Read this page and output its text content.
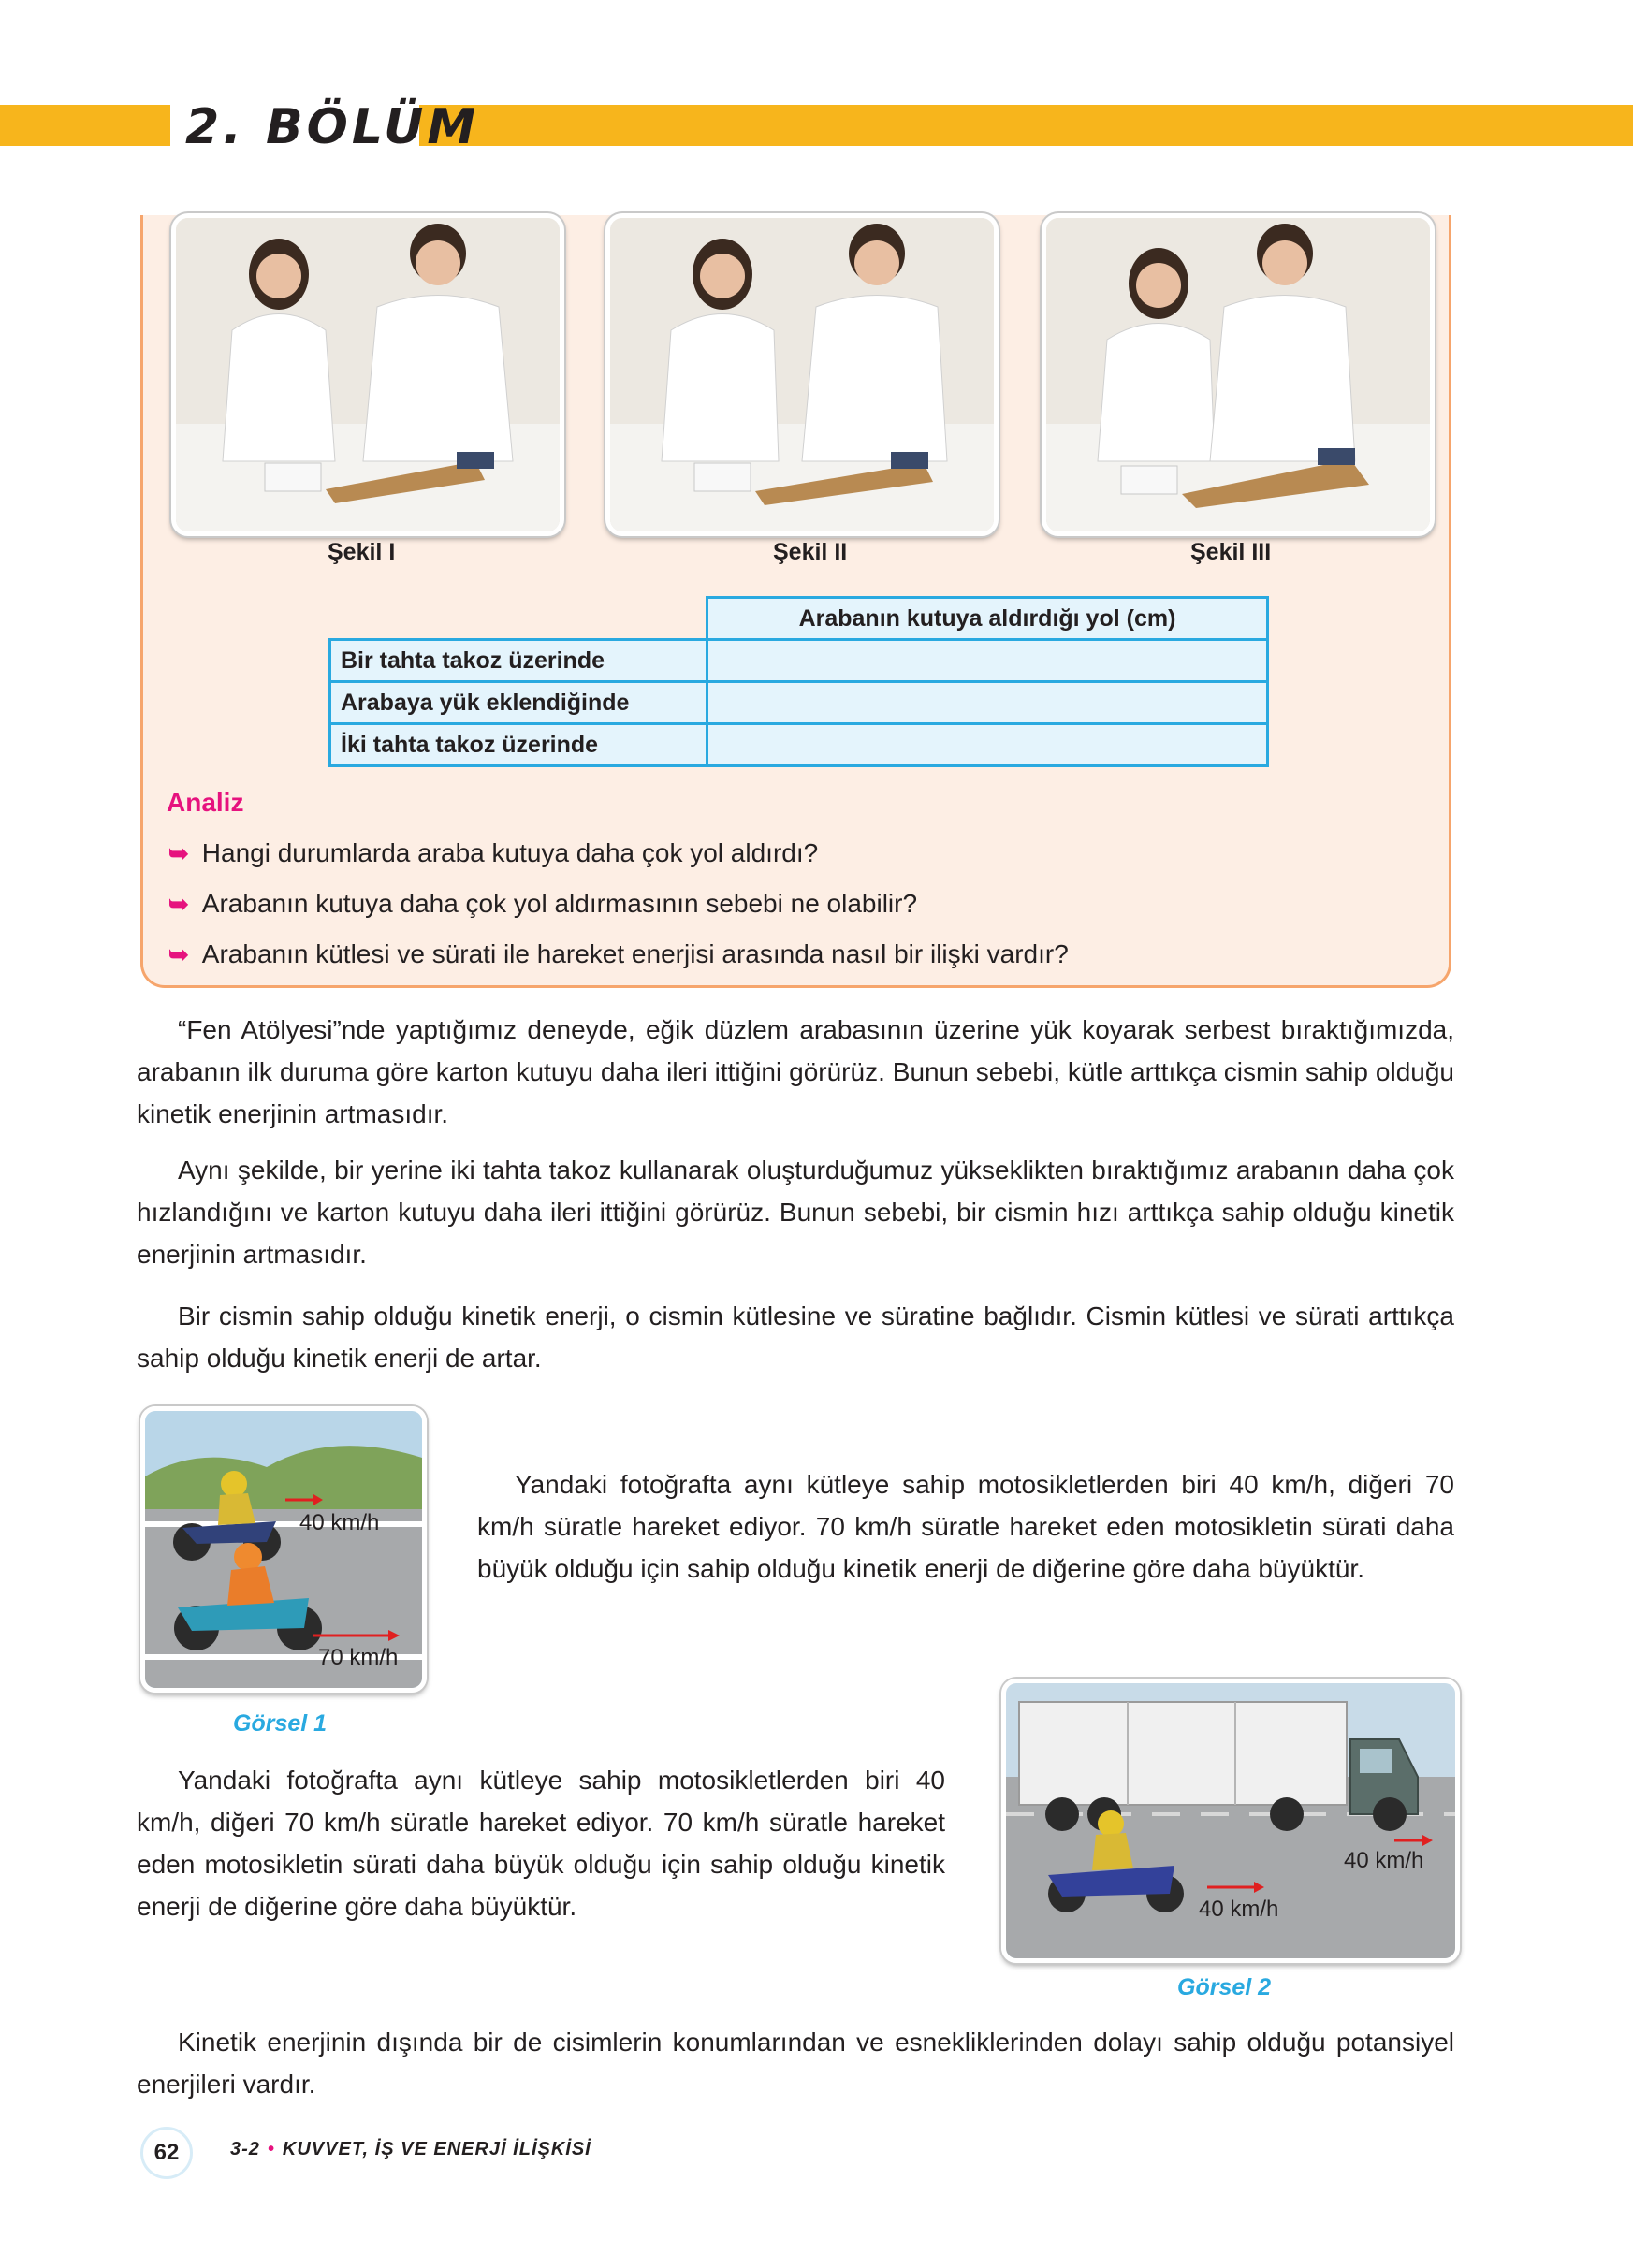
2. BÖLÜM
Şekil I	Şekil II	Şekil III
	Arabanın kutuya aldırdığı yol (cm)
Bir tahta takoz üzerinde	
Arabaya yük eklendiğinde	
İki tahta takoz üzerinde	
Analiz
➥ Hangi durumlarda araba kutuya daha çok yol aldırdı?
➥ Arabanın kutuya daha çok yol aldırmasının sebebi ne olabilir?
➥ Arabanın kütlesi ve sürati ile hareket enerjisi arasında nasıl bir ilişki vardır?

“Fen Atölyesi”nde yaptığımız deneyde, eğik düzlem arabasının üzerine yük koyarak serbest bıraktığımızda, arabanın ilk duruma göre karton kutuyu daha ileri ittiğini görürüz. Bunun sebebi, kütle arttıkça cismin sahip olduğu kinetik enerjinin artmasıdır.

Aynı şekilde, bir yerine iki tahta takoz kullanarak oluşturduğumuz yükseklikten bıraktığımız arabanın daha çok hızlandığını ve karton kutuyu daha ileri ittiğini görürüz. Bunun sebebi, bir cismin hızı arttıkça sahip olduğu kinetik enerjinin artmasıdır.

Bir cismin sahip olduğu kinetik enerji, o cismin kütlesine ve süratine bağlıdır. Cismin kütlesi ve sürati arttıkça sahip olduğu kinetik enerji de artar.

40 km/h
70 km/h
Görsel 1

Yandaki fotoğrafta aynı kütleye sahip motosikletlerden biri 40 km/h, diğeri 70 km/h süratle hareket ediyor. 70 km/h süratle hareket eden motosikletin sürati daha büyük olduğu için sahip olduğu kinetik enerji de diğerine göre daha büyüktür.

40 km/h
40 km/h
Görsel 2

Yandaki fotoğrafta aynı kütleye sahip motosikletlerden biri 40 km/h, diğeri 70 km/h süratle hareket ediyor. 70 km/h süratle hareket eden motosikletin sürati daha büyük olduğu için sahip olduğu kinetik enerji de diğerine göre daha büyüktür.

Kinetik enerjinin dışında bir de cisimlerin konumlarından ve esnekliklerinden dolayı sahip olduğu potansiyel enerjileri vardır.

62	3-2 • KUVVET, İŞ VE ENERJİ İLİŞKİSİ
